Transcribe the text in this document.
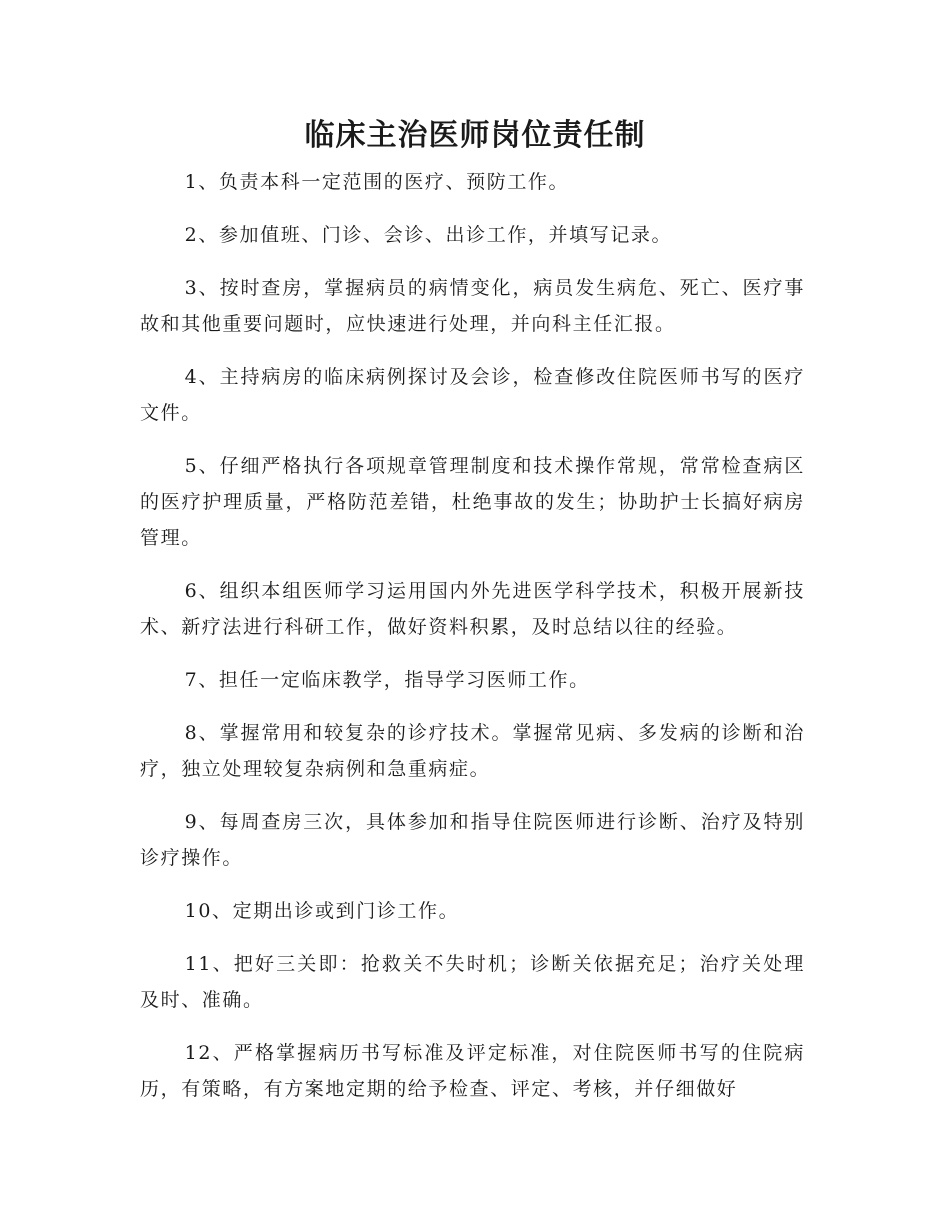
临床主治医师岗位责任制

1、负责本科一定范围的医疗、预防工作。

2、参加值班、门诊、会诊、出诊工作，并填写记录。

3、按时查房，掌握病员的病情变化，病员发生病危、死亡、医疗事故和其他重要问题时，应快速进行处理，并向科主任汇报。

4、主持病房的临床病例探讨及会诊，检查修改住院医师书写的医疗文件。

5、仔细严格执行各项规章管理制度和技术操作常规，常常检查病区的医疗护理质量，严格防范差错，杜绝事故的发生；协助护士长搞好病房管理。

6、组织本组医师学习运用国内外先进医学科学技术，积极开展新技术、新疗法进行科研工作，做好资料积累，及时总结以往的经验。

7、担任一定临床教学，指导学习医师工作。

8、掌握常用和较复杂的诊疗技术。掌握常见病、多发病的诊断和治疗，独立处理较复杂病例和急重病症。

9、每周查房三次，具体参加和指导住院医师进行诊断、治疗及特别诊疗操作。

10、定期出诊或到门诊工作。

11、把好三关即：抢救关不失时机；诊断关依据充足；治疗关处理及时、准确。

12、严格掌握病历书写标准及评定标准，对住院医师书写的住院病历，有策略，有方案地定期的给予检查、评定、考核，并仔细做好
